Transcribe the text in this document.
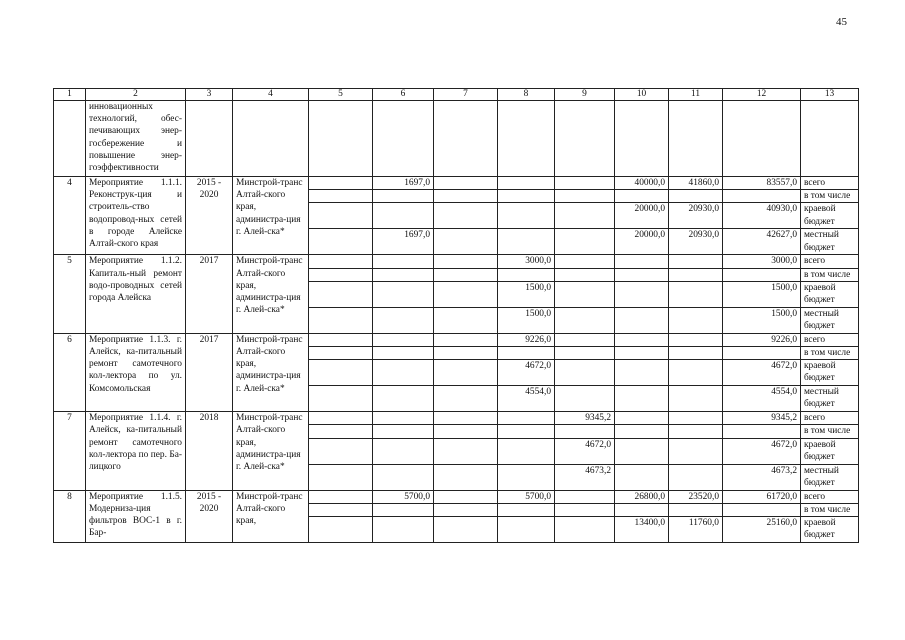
45
1	2	3	4	5	6	7	8	9	10	11	12	13
	инновационных технологий, обес-печивающих энер-госбережение и повышение энер-гоэффективности											
4	Мероприятие 1.1.1. Реконструк-ция и строитель-ство водопровод-ных сетей в городе Алейске Алтай-ского края	2015 - 2020	Минстрой-транс Алтай-ского края, администра-ция г. Алей-ска*		1697,0				40000,0	41860,0	83557,0	всего
												в том числе
									20000,0	20930,0	40930,0	краевой бюджет
					1697,0				20000,0	20930,0	42627,0	местный бюджет
5	Мероприятие 1.1.2. Капиталь-ный ремонт водо-проводных сетей города Алейска	2017	Минстрой-транс Алтай-ского края, администра-ция г. Алей-ска*				3000,0				3000,0	всего
												в том числе
							1500,0				1500,0	краевой бюджет
							1500,0				1500,0	местный бюджет
6	Мероприятие 1.1.3. г. Алейск, ка-питальный ремонт самотечного кол-лектора по ул. Комсомольская	2017	Минстрой-транс Алтай-ского края, администра-ция г. Алей-ска*				9226,0				9226,0	всего
												в том числе
							4672,0				4672,0	краевой бюджет
							4554,0				4554,0	местный бюджет
7	Мероприятие 1.1.4. г. Алейск, ка-питальный ремонт самотечного кол-лектора по пер. Ба-лицкого	2018	Минстрой-транс Алтай-ского края, администра-ция г. Алей-ска*					9345,2			9345,2	всего
												в том числе
								4672,0			4672,0	краевой бюджет
								4673,2			4673,2	местный бюджет
8	Мероприятие 1.1.5. Модерниза-ция фильтров ВОС-1 в г. Бар-	2015 - 2020	Минстрой-транс Алтай-ского края,		5700,0		5700,0		26800,0	23520,0	61720,0	всего
												в том числе
									13400,0	11760,0	25160,0	краевой бюджет
